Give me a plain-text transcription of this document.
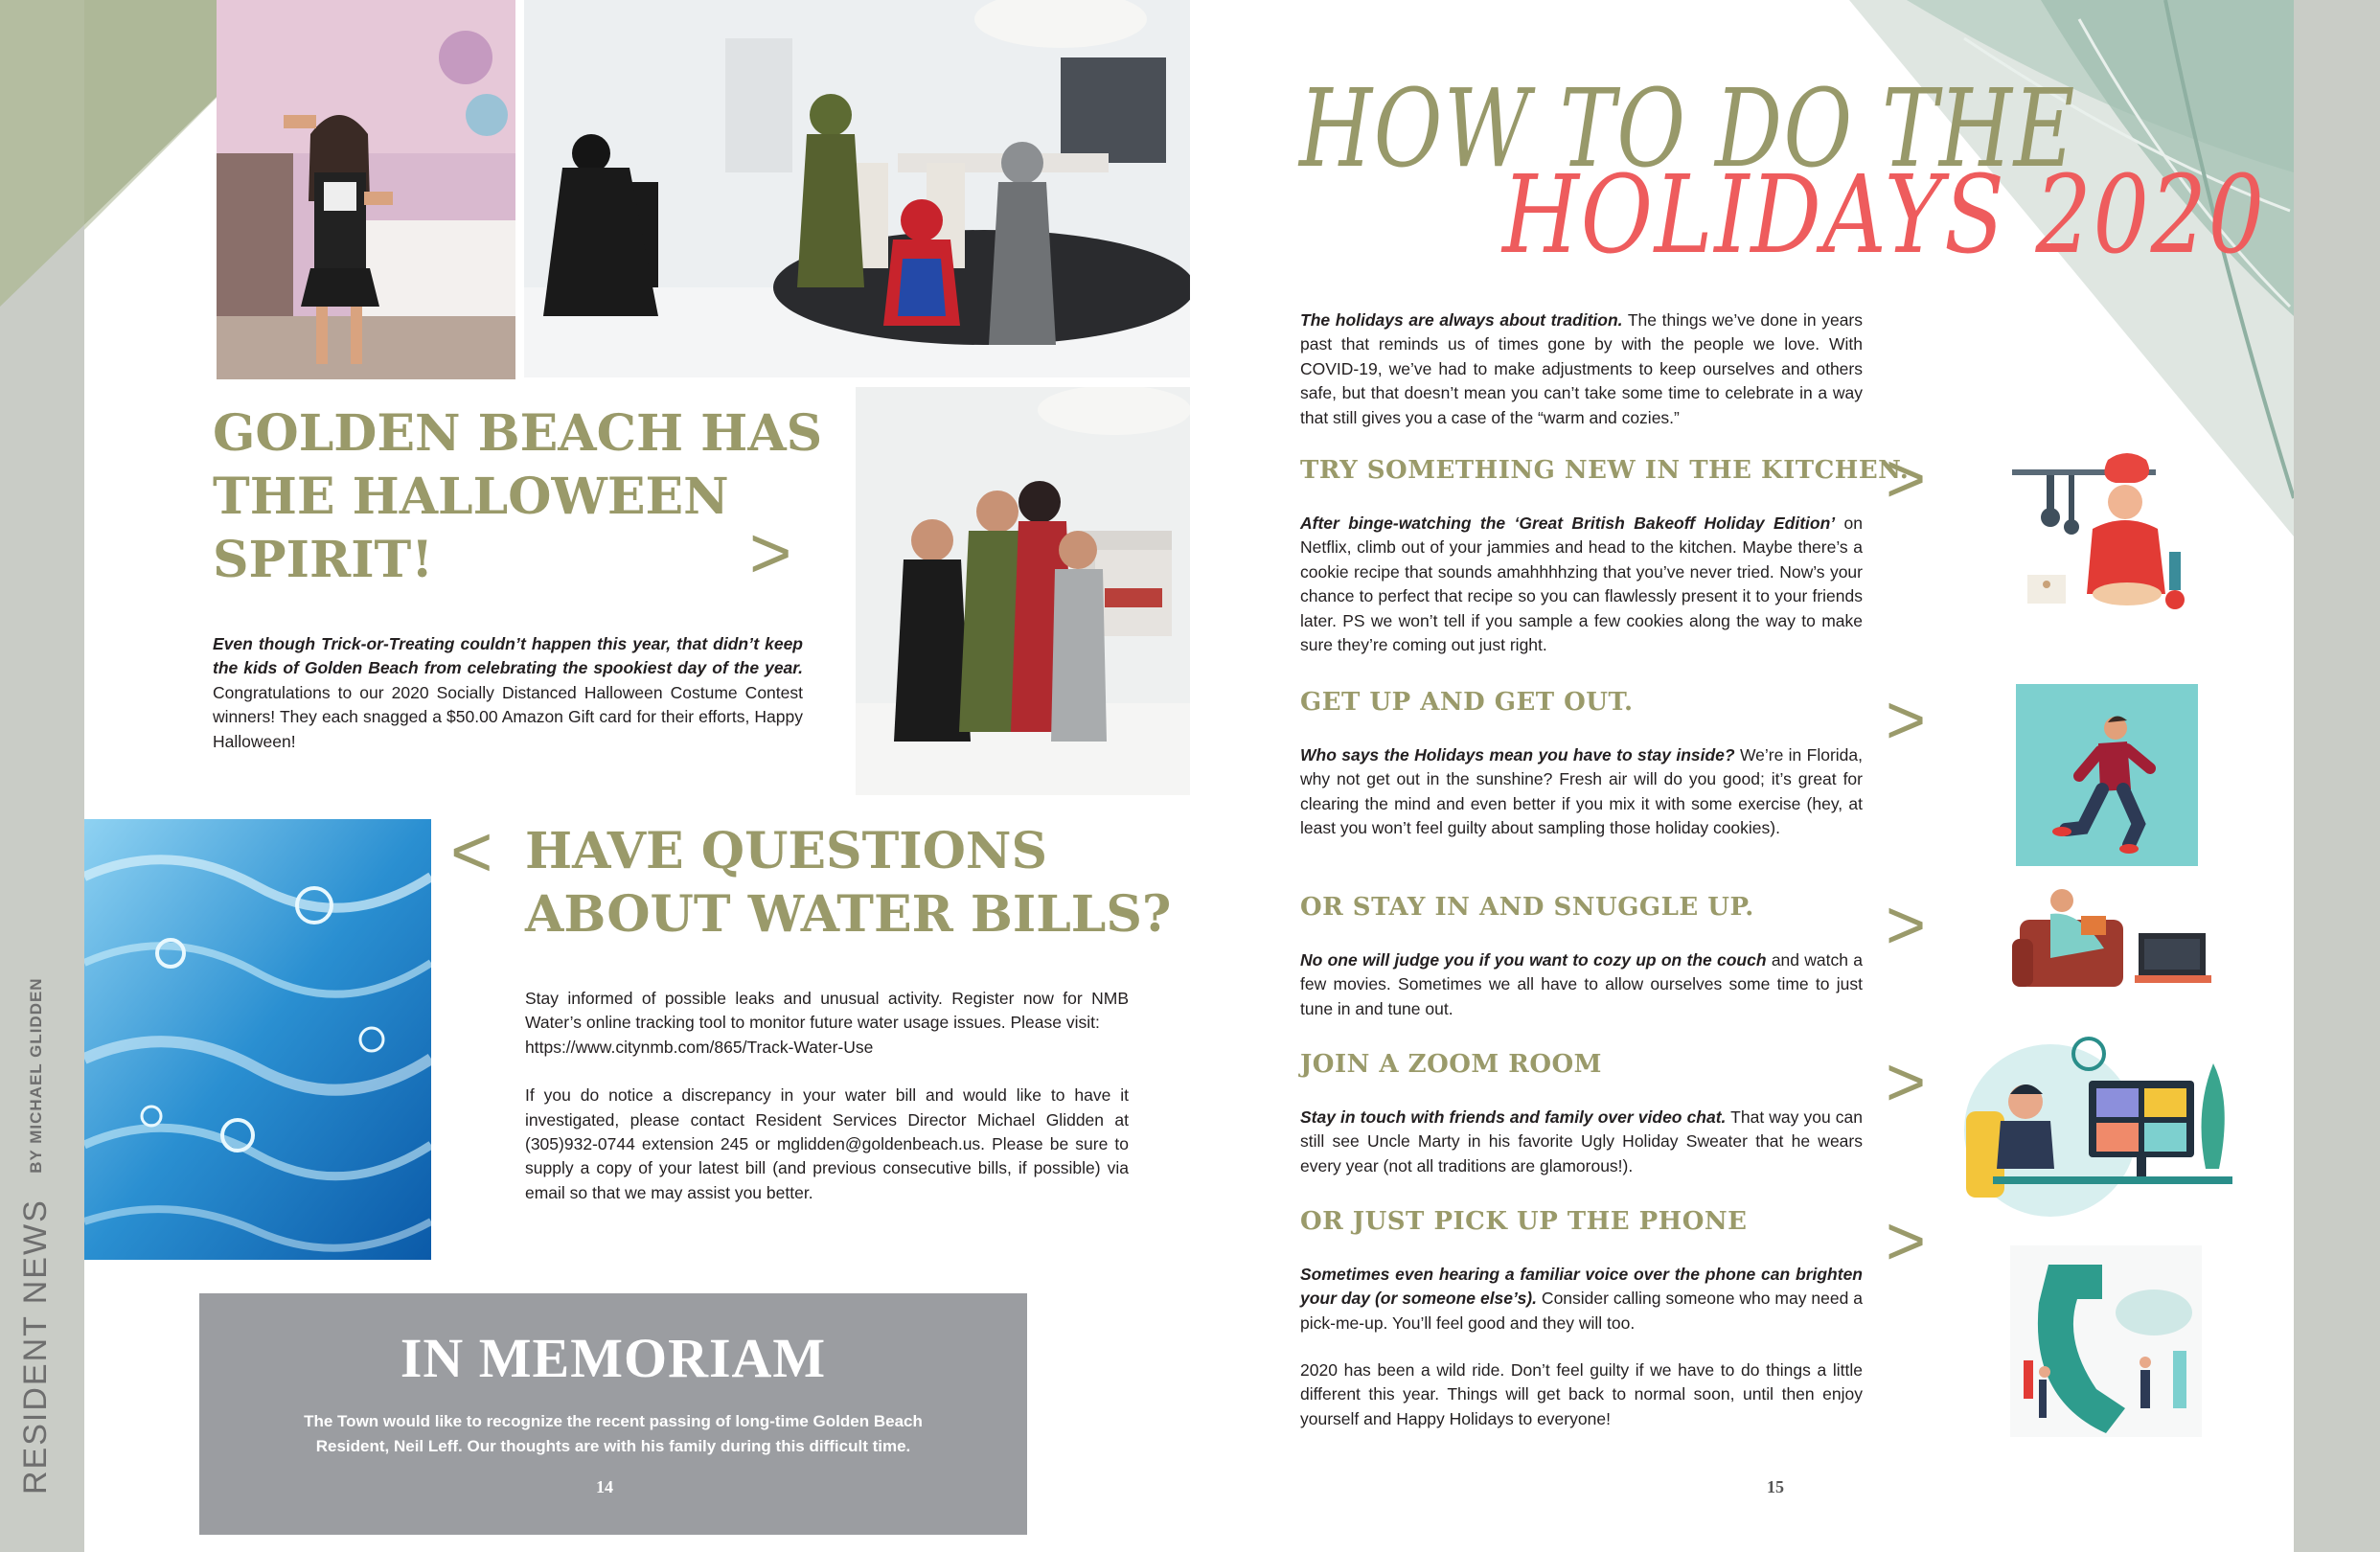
RESIDENT NEWS BY MICHAEL GLIDDEN
GOLDEN BEACH HAS
THE HALLOWEEN
SPIRIT!	>
Even though Trick-or-Treating couldn’t happen this year, that didn’t keep the kids of Golden Beach from celebrating the spookiest day of the year. Congratulations to our 2020 Socially Distanced Halloween Costume Contest winners! They each snagged a $50.00 Amazon Gift card for their efforts, Happy Halloween!
< HAVE QUESTIONS
ABOUT WATER BILLS?
Stay informed of possible leaks and unusual activity. Register now for NMB Water’s online tracking tool to monitor future water usage issues. Please visit:
https://www.citynmb.com/865/Track-Water-Use
If you do notice a discrepancy in your water bill and would like to have it investigated, please contact Resident Services Director Michael Glidden at (305)932-0744 extension 245 or mglidden@goldenbeach.us. Please be sure to supply a copy of your latest bill (and previous consecutive bills, if possible) via email so that we may assist you better.
IN MEMORIAM
The Town would like to recognize the recent passing of long-time Golden Beach Resident, Neil Leff. Our thoughts are with his family during this difficult time.
14
HOW TO DO THE
HOLIDAYS 2020
The holidays are always about tradition. The things we’ve done in years past that reminds us of times gone by with the people we love. With COVID-19, we’ve had to make adjustments to keep ourselves and others safe, but that doesn’t mean you can’t take some time to celebrate in a way that still gives you a case of the “warm and cozies.”
TRY SOMETHING NEW IN THE KITCHEN.
>
After binge-watching the ‘Great British Bakeoff Holiday Edition’ on Netflix, climb out of your jammies and head to the kitchen. Maybe there’s a cookie recipe that sounds amahhhhzing that you’ve never tried. Now’s your chance to perfect that recipe so you can flawlessly present it to your friends later. PS we won’t tell if you sample a few cookies along the way to make sure they’re coming out just right.
GET UP AND GET OUT.	>
Who says the Holidays mean you have to stay inside? We’re in Florida, why not get out in the sunshine? Fresh air will do you good; it’s great for clearing the mind and even better if you mix it with some exercise (hey, at least you won’t feel guilty about sampling those holiday cookies).
OR STAY IN AND SNUGGLE UP. >
No one will judge you if you want to cozy up on the couch and watch a few movies. Sometimes we all have to allow ourselves some time to just tune in and tune out.
JOIN A ZOOM ROOM	>
Stay in touch with friends and family over video chat. That way you can still see Uncle Marty in his favorite Ugly Holiday Sweater that he wears every year (not all traditions are glamorous!).
OR JUST PICK UP THE PHONE >
Sometimes even hearing a familiar voice over the phone can brighten your day (or someone else’s). Consider calling someone who may need a pick-me-up. You’ll feel good and they will too.
2020 has been a wild ride. Don’t feel guilty if we have to do things a little different this year. Things will get back to normal soon, until then enjoy yourself and Happy Holidays to everyone!
15
